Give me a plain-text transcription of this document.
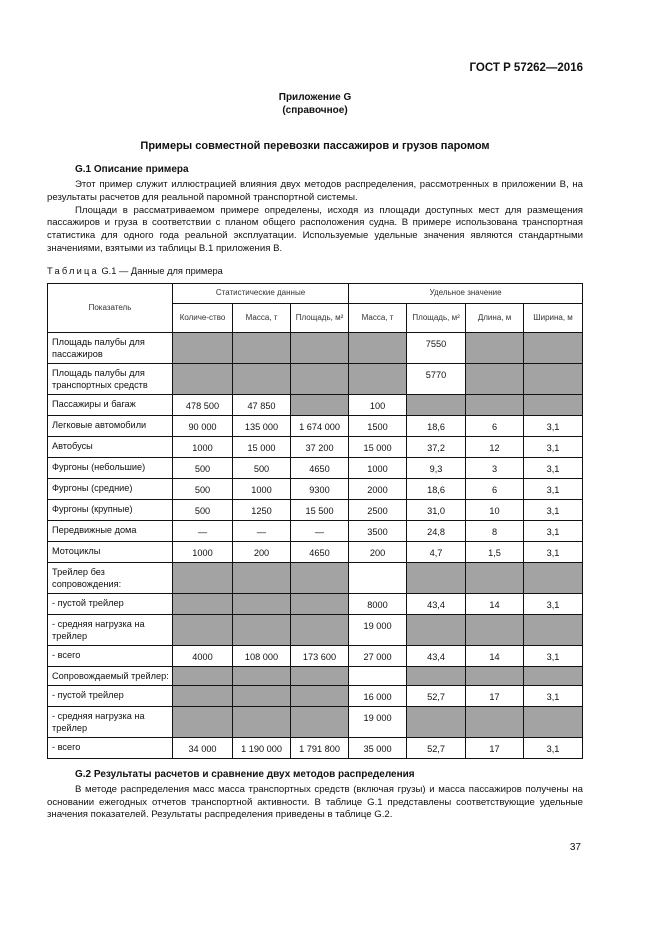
ГОСТ Р 57262—2016
Приложение G
(справочное)
Примеры совместной перевозки пассажиров и грузов паромом
G.1 Описание примера

Этот пример служит иллюстрацией влияния двух методов распределения, рассмотренных в приложении В, на результаты расчетов для реальной паромной транспортной системы.

Площади в рассматриваемом примере определены, исходя из площади доступных мест для размещения пассажиров и груза в соответствии с планом общего расположения судна. В примере использована транспортная статистика для одного года реальной эксплуатации. Используемые удельные значения являются стандартными значениями, взятыми из таблицы В.1 приложения В.

Таблица G.1 — Данные для примера
Показатель	Статистические данные			Удельное значение			
	Количе-ство	Масса, т	Площадь, м²	Масса, т	Площадь, м²	Длина, м	Ширина, м
Площадь палубы для пассажиров					7550		
Площадь палубы для транспортных средств					5770		
Пассажиры и багаж	478 500	47 850		100			
Легковые автомобили	90 000	135 000	1 674 000	1500	18,6	6	3,1
Автобусы	1000	15 000	37 200	15 000	37,2	12	3,1
Фургоны (небольшие)	500	500	4650	1000	9,3	3	3,1
Фургоны (средние)	500	1000	9300	2000	18,6	6	3,1
Фургоны (крупные)	500	1250	15 500	2500	31,0	10	3,1
Передвижные дома	—	—	—	3500	24,8	8	3,1
Мотоциклы	1000	200	4650	200	4,7	1,5	3,1
Трейлер без сопровождения:							
- пустой трейлер				8000	43,4	14	3,1
- средняя нагрузка на трейлер				19 000			
- всего	4000	108 000	173 600	27 000	43,4	14	3,1
Сопровождаемый трейлер:							
- пустой трейлер				16 000	52,7	17	3,1
- средняя нагрузка на трейлер				19 000			
- всего	34 000	1 190 000	1 791 800	35 000	52,7	17	3,1
G.2 Результаты расчетов и сравнение двух методов распределения

В методе распределения масс масса транспортных средств (включая грузы) и масса пассажиров получены на основании ежегодных отчетов транспортной активности. В таблице G.1 представлены соответствующие удельные значения показателей. Результаты распределения приведены в таблице G.2.

37
